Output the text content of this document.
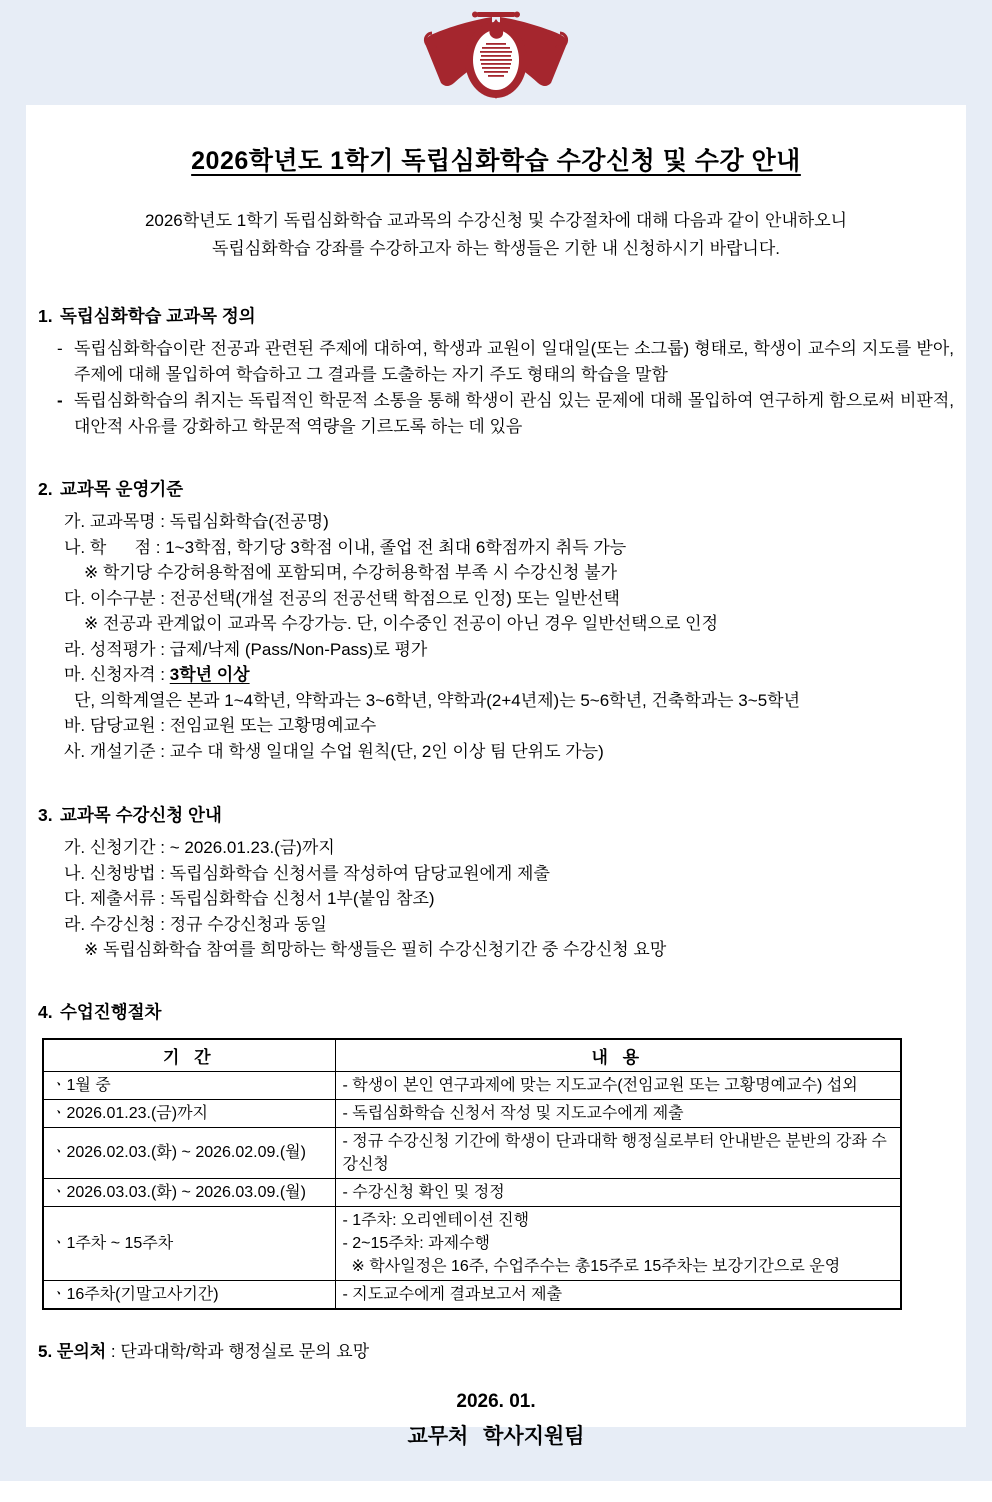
2026학년도 1학기 독립심화학습 수강신청 및 수강 안내
2026학년도 1학기 독립심화학습 교과목의 수강신청 및 수강절차에 대해 다음과 같이 안내하오니
독립심화학습 강좌를 수강하고자 하는 학생들은 기한 내 신청하시기 바랍니다.
1. 독립심화학습 교과목 정의
- 독립심화학습이란 전공과 관련된 주제에 대하여, 학생과 교원이 일대일(또는 소그룹) 형태로, 학생이 교수의 지도를 받아, 주제에 대해 몰입하여 학습하고 그 결과를 도출하는 자기 주도 형태의 학습을 말함
- 독립심화학습의 취지는 독립적인 학문적 소통을 통해 학생이 관심 있는 문제에 대해 몰입하여 연구하게 함으로써 비판적, 대안적 사유를 강화하고 학문적 역량을 기르도록 하는 데 있음
2. 교과목 운영기준
가. 교과목명 : 독립심화학습(전공명)
나. 학      점 : 1~3학점, 학기당 3학점 이내, 졸업 전 최대 6학점까지 취득 가능
※ 학기당 수강허용학점에 포함되며, 수강허용학점 부족 시 수강신청 불가
다. 이수구분 : 전공선택(개설 전공의 전공선택 학점으로 인정) 또는 일반선택
※ 전공과 관계없이 교과목 수강가능. 단, 이수중인 전공이 아닌 경우 일반선택으로 인정
라. 성적평가 : 급제/낙제 (Pass/Non-Pass)로 평가
마. 신청자격 : 3학년 이상
단, 의학계열은 본과 1~4학년, 약학과는 3~6학년, 약학과(2+4년제)는 5~6학년, 건축학과는 3~5학년
바. 담당교원 : 전임교원 또는 고황명예교수
사. 개설기준 : 교수 대 학생 일대일 수업 원칙(단, 2인 이상 팀 단위도 가능)
3. 교과목 수강신청 안내
가. 신청기간 : ~ 2026.01.23.(금)까지
나. 신청방법 : 독립심화학습 신청서를 작성하여 담당교원에게 제출
다. 제출서류 : 독립심화학습 신청서 1부(붙임 참조)
라. 수강신청 : 정규 수강신청과 동일
※ 독립심화학습 참여를 희망하는 학생들은 필히 수강신청기간 중 수강신청 요망
4. 수업진행절차
기 간	내 용
ㆍ1월 중	- 학생이 본인 연구과제에 맞는 지도교수(전임교원 또는 고황명예교수) 섭외

ㆍ2026.01.23.(금)까지	- 독립심화학습 신청서 작성 및 지도교수에게 제출

ㆍ2026.02.03.(화) ~ 2026.02.09.(월)	- 정규 수강신청 기간에 학생이 단과대학 행정실로부터 안내받은 분반의 강좌 수강신청

ㆍ2026.03.03.(화) ~ 2026.03.09.(월)	- 수강신청 확인 및 정정

ㆍ1주차 ~ 15주차	- 1주차: 오리엔테이션 진행
- 2~15주차: 과제수행
※ 학사일정은 16주, 수업주수는 총15주로 15주차는 보강기간으로 운영

ㆍ16주차(기말고사기간)	- 지도교수에게 결과보고서 제출
5. 문의처 : 단과대학/학과 행정실로 문의 요망
2026. 01.
교무처 학사지원팀
